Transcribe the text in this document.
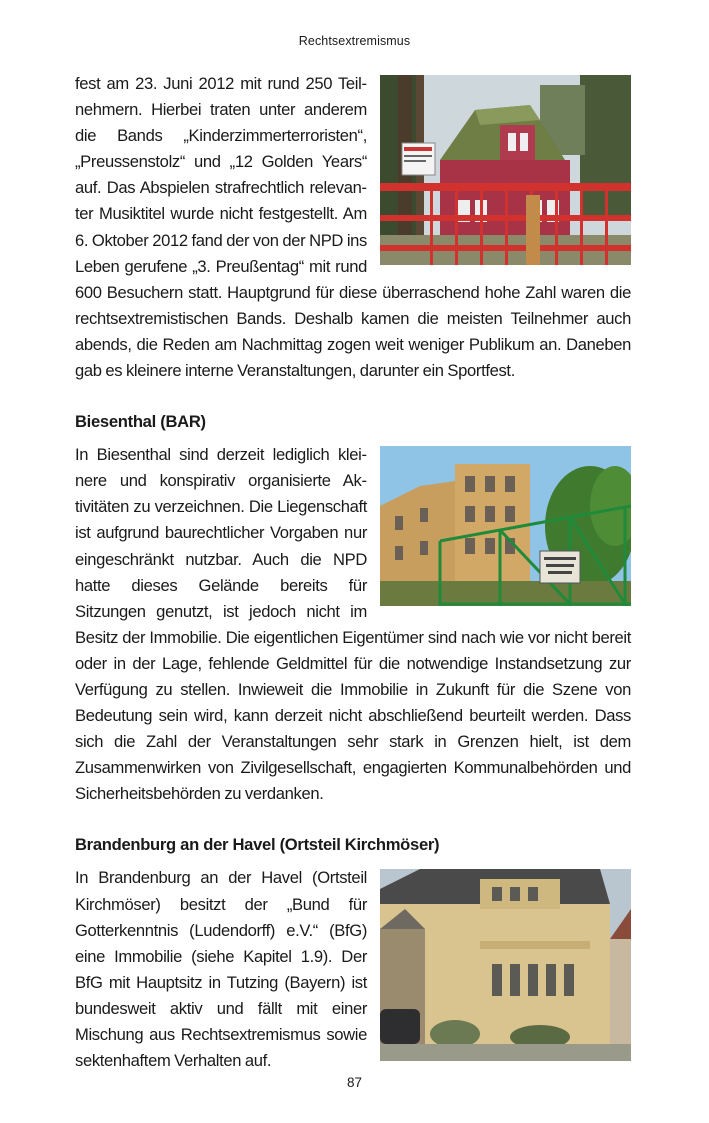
Rechtsextremismus

fest am 23. Juni 2012 mit rund 250 Teilnehmern. Hierbei traten unter anderem die Bands „Kinderzimmerterroristen“, „Preussenstolz“ und „12 Golden Years“ auf. Das Abspielen strafrechtlich relevanter Musiktitel wurde nicht festgestellt. Am 6. Oktober 2012 fand der von der NPD ins Leben gerufene „3. Preußentag“ mit rund 600 Besuchern statt. Hauptgrund für diese überraschend hohe Zahl waren die rechtsextremistischen Bands. Deshalb kamen die meisten Teilnehmer auch abends, die Reden am Nachmittag zogen weit weniger Publikum an. Daneben gab es kleinere interne Veranstaltungen, darunter ein Sportfest.

Biesenthal (BAR)

In Biesenthal sind derzeit lediglich kleinere und konspirativ organisierte Aktivitäten zu verzeichnen. Die Liegenschaft ist aufgrund baurechtlicher Vorgaben nur eingeschränkt nutzbar. Auch die NPD hatte dieses Gelände bereits für Sitzungen genutzt, ist jedoch nicht im Besitz der Immobilie. Die eigentlichen Eigentümer sind nach wie vor nicht bereit oder in der Lage, fehlende Geldmittel für die notwendige Instandsetzung zur Verfügung zu stellen. Inwieweit die Immobilie in Zukunft für die Szene von Bedeutung sein wird, kann derzeit nicht abschließend beurteilt werden. Dass sich die Zahl der Veranstaltungen sehr stark in Grenzen hielt, ist dem Zusammenwirken von Zivilgesellschaft, engagierten Kommunalbehörden und Sicherheitsbehörden zu verdanken.

Brandenburg an der Havel (Ortsteil Kirchmöser)

In Brandenburg an der Havel (Ortsteil Kirchmöser) besitzt der „Bund für Gotterkenntnis (Ludendorff) e.V.“ (BfG) eine Immobilie (siehe Kapitel 1.9). Der BfG mit Hauptsitz in Tutzing (Bayern) ist bundesweit aktiv und fällt mit einer Mischung aus Rechtsextremismus sowie sektenhaftem Verhalten auf.

87
